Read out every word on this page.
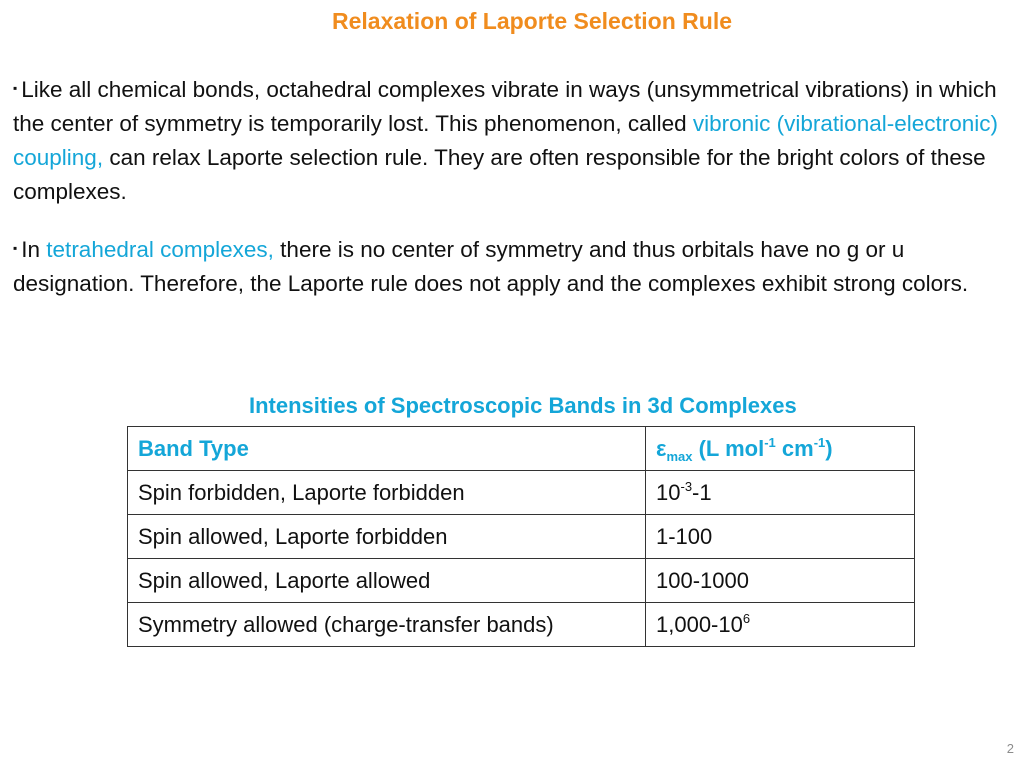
Relaxation of Laporte Selection Rule
▪ Like all chemical bonds, octahedral complexes vibrate in ways (unsymmetrical vibrations) in which the center of symmetry is temporarily lost. This phenomenon, called vibronic (vibrational-electronic) coupling, can relax Laporte selection rule. They are often responsible for the bright colors of these complexes.
▪ In tetrahedral complexes, there is no center of symmetry and thus orbitals have no g or u designation. Therefore, the Laporte rule does not apply and the complexes exhibit strong colors.
Intensities of Spectroscopic Bands in 3d Complexes
Band Type	$\varepsilon_{max}$ (L mol$^{-1}$ $cm^{-1}$)
Spin forbidden, Laporte forbidden	$10^{-3}-1$
Spin allowed, Laporte forbidden	1-100
Spin allowed, Laporte allowed	100-1000
Symmetry allowed (charge-transfer bands)	$1,000-10^6$
2
